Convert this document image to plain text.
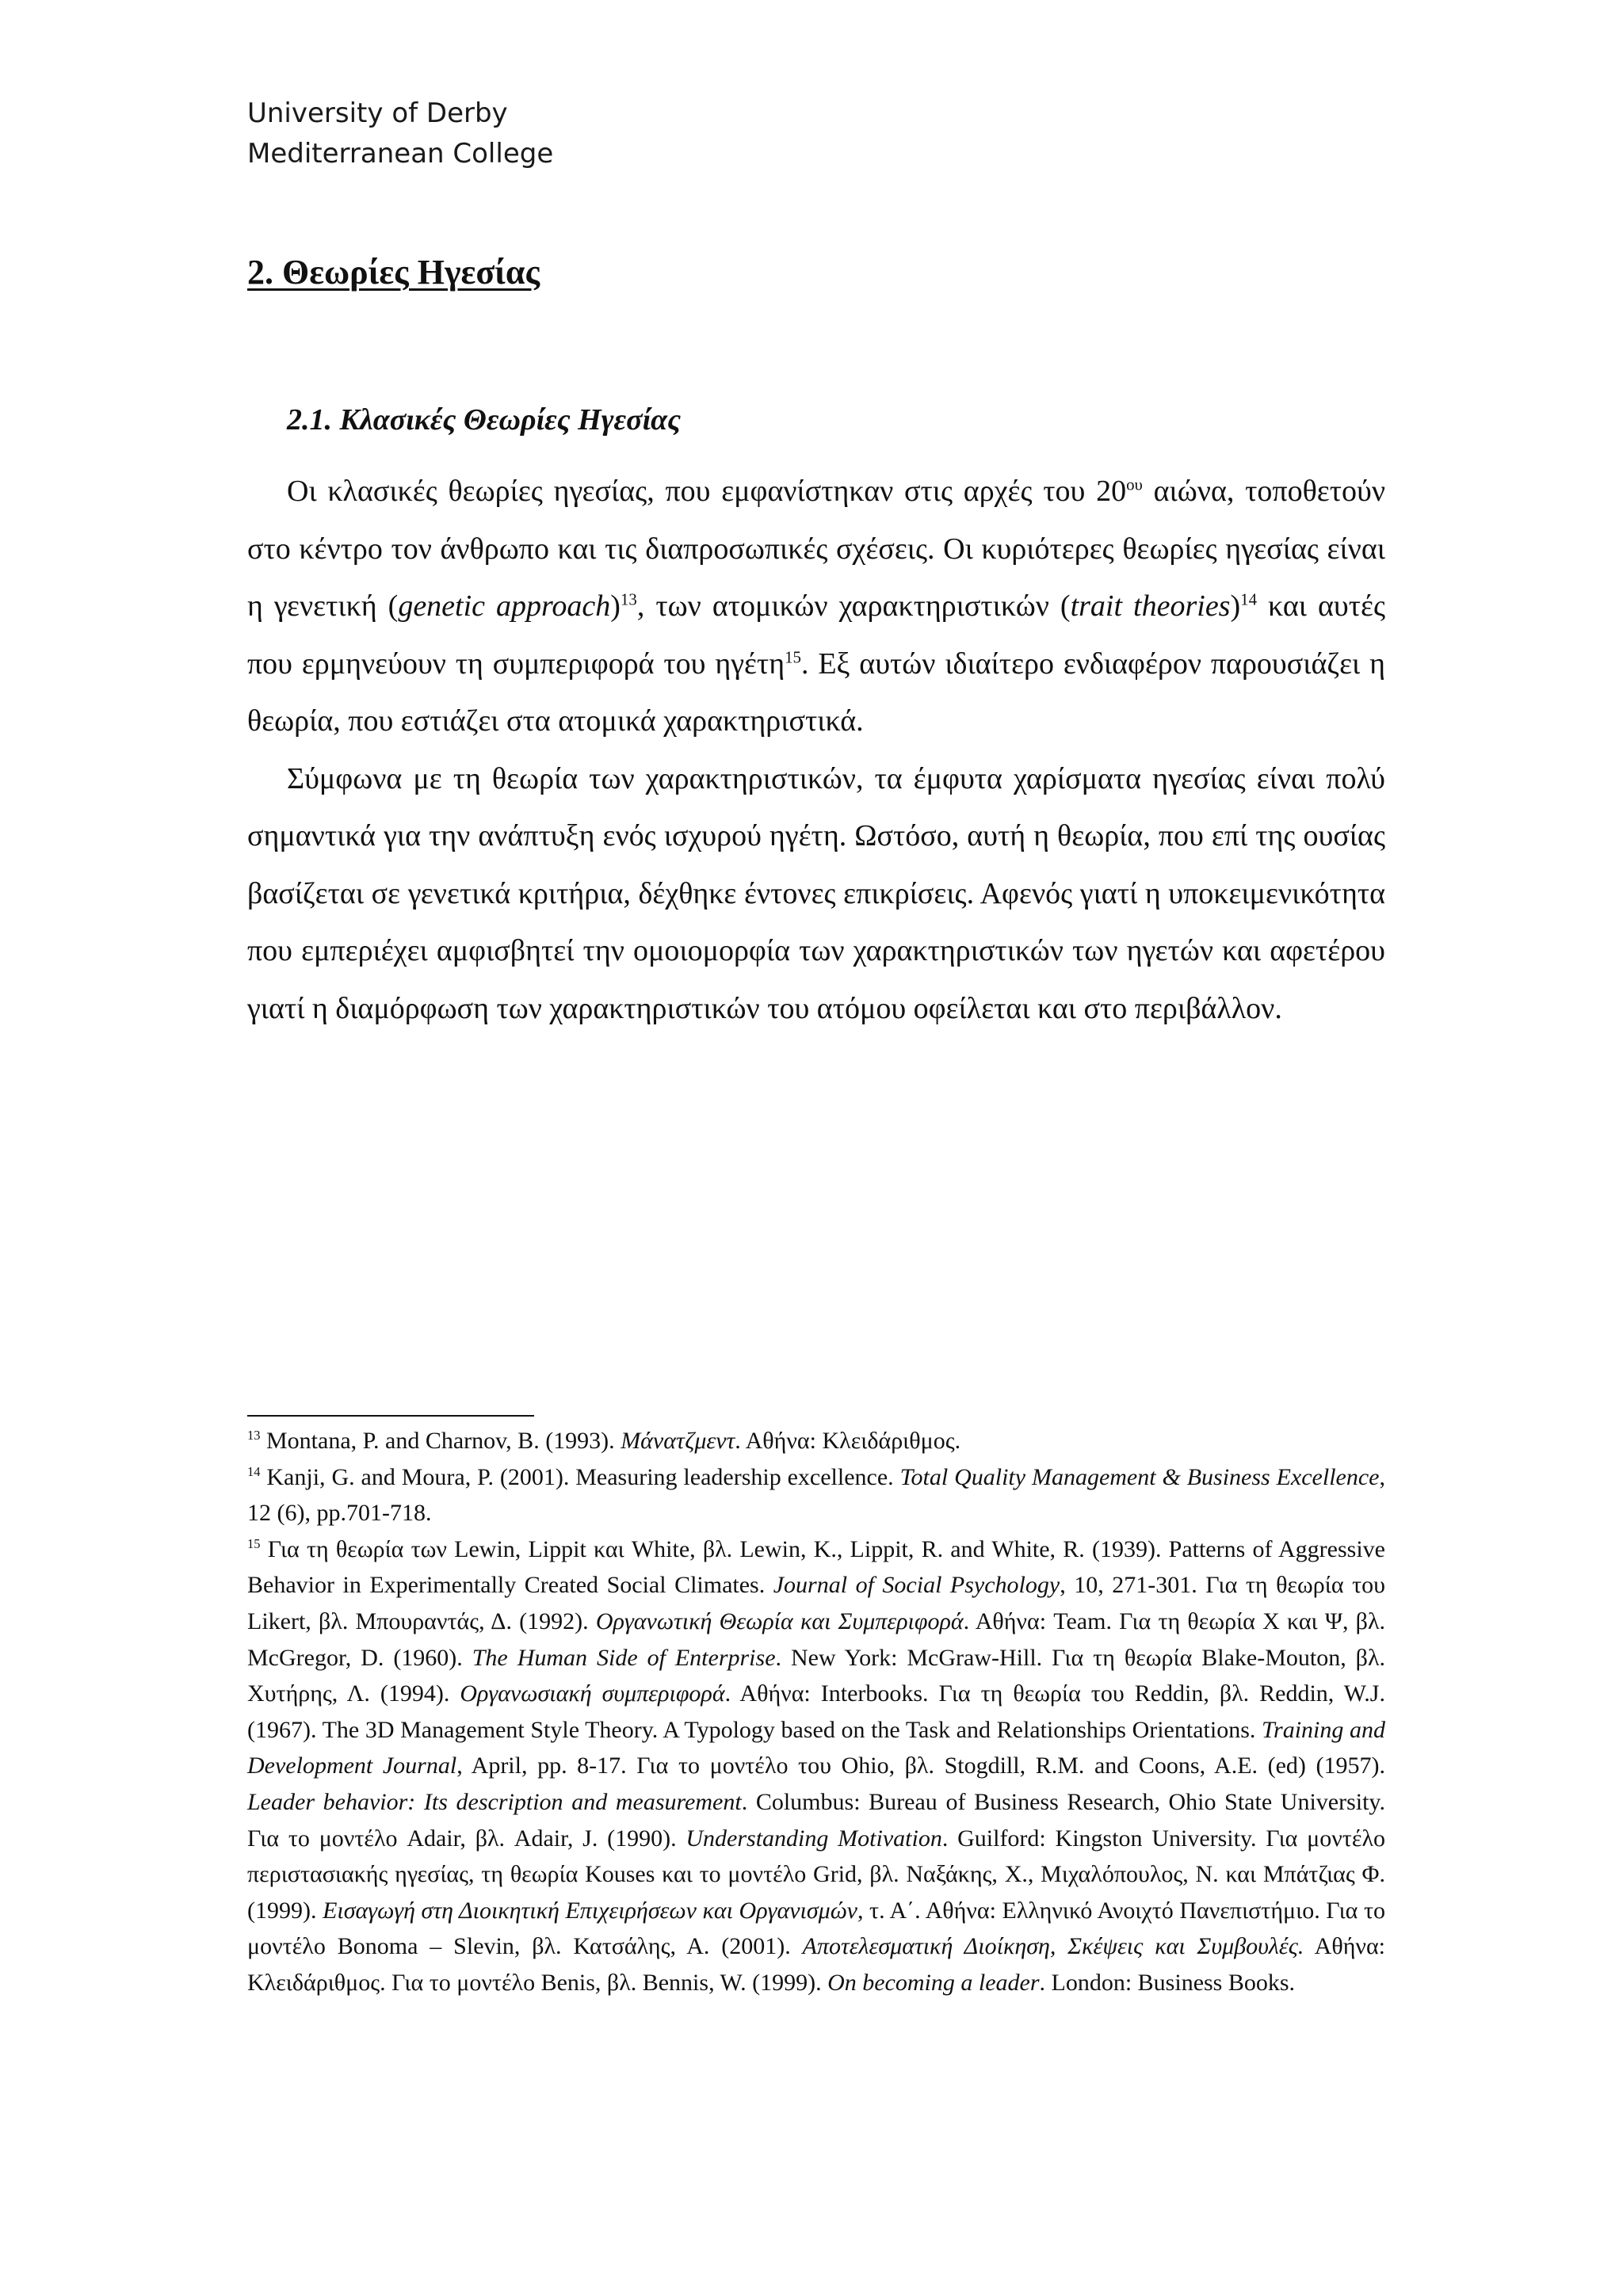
University of Derby
Mediterranean College
2. Θεωρίες Ηγεσίας
2.1. Κλασικές Θεωρίες Ηγεσίας

Οι κλασικές θεωρίες ηγεσίας, που εμφανίστηκαν στις αρχές του $20^{o\upsilon}$ αιώνα, τοποθετούν στο κέντρο τον άνθρωπο και τις διαπροσωπικές σχέσεις. Οι κυριότερες θεωρίες ηγεσίας είναι η γενετική (genetic approach)$^{13}$, των ατομικών χαρακτηριστικών (trait theories)$^{14}$ και αυτές που ερμηνεύουν τη συμπεριφορά του ηγέτη$^{15}$. Εξ αυτών ιδιαίτερο ενδιαφέρον παρουσιάζει η θεωρία, που εστιάζει στα ατομικά χαρακτηριστικά.

Σύμφωνα με τη θεωρία των χαρακτηριστικών, τα έμφυτα χαρίσματα ηγεσίας είναι πολύ σημαντικά για την ανάπτυξη ενός ισχυρού ηγέτη. Ωστόσο, αυτή η θεωρία, που επί της ουσίας βασίζεται σε γενετικά κριτήρια, δέχθηκε έντονες επικρίσεις. Αφενός γιατί η υποκειμενικότητα που εμπεριέχει αμφισβητεί την ομοιομορφία των χαρακτηριστικών των ηγετών και αφετέρου γιατί η διαμόρφωση των χαρακτηριστικών του ατόμου οφείλεται και στο περιβάλλον.

$^{13}$ Montana, P. and Charnov, B. (1993). Μάνατζμεντ. Αθήνα: Κλειδάριθμος.

$^{14}$ Kanji, G. and Moura, P. (2001). Measuring leadership excellence. Total Quality Management & Business Excellence, 12 (6), pp.701-718.

$^{15}$ Για τη θεωρία των Lewin, Lippit και White, βλ. Lewin, K., Lippit, R. and White, R. (1939). Patterns of Aggressive Behavior in Experimentally Created Social Climates. Journal of Social Psychology, 10, 271-301. Για τη θεωρία του Likert, βλ. Μπουραντάς, Δ. (1992). Οργανωτική Θεωρία και Συμπεριφορά. Αθήνα: Team. Για τη θεωρία Χ και Ψ, βλ. McGregor, D. (1960). The Human Side of Enterprise. New York: McGraw-Hill. Για τη θεωρία Blake-Mouton, βλ. Χυτήρης, Λ. (1994). Οργανωσιακή συμπεριφορά. Αθήνα: Interbooks. Για τη θεωρία του Reddin, βλ. Reddin, W.J. (1967). The 3D Management Style Theory. A Typology based on the Task and Relationships Orientations. Training and Development Journal, April, pp. 8-17. Για το μοντέλο του Ohio, βλ. Stogdill, R.M. and Coons, A.E. (ed) (1957). Leader behavior: Its description and measurement. Columbus: Bureau of Business Research, Ohio State University. Για το μοντέλο Adair, βλ. Adair, J. (1990). Understanding Motivation. Guilford: Kingston University. Για μοντέλο περιστασιακής ηγεσίας, τη θεωρία Kouses και το μοντέλο Grid, βλ. Ναξάκης, Χ., Μιχαλόπουλος, Ν. και Μπάτζιας Φ. (1999). Εισαγωγή στη Διοικητική Επιχειρήσεων και Οργανισμών, τ. Α΄. Αθήνα: Ελληνικό Ανοιχτό Πανεπιστήμιο. Για το μοντέλο Bonoma – Slevin, βλ. Κατσάλης, Α. (2001). Αποτελεσματική Διοίκηση, Σκέψεις και Συμβουλές. Αθήνα: Κλειδάριθμος. Για το μοντέλο Benis, βλ. Bennis, W. (1999). On becoming a leader. London: Business Books.
